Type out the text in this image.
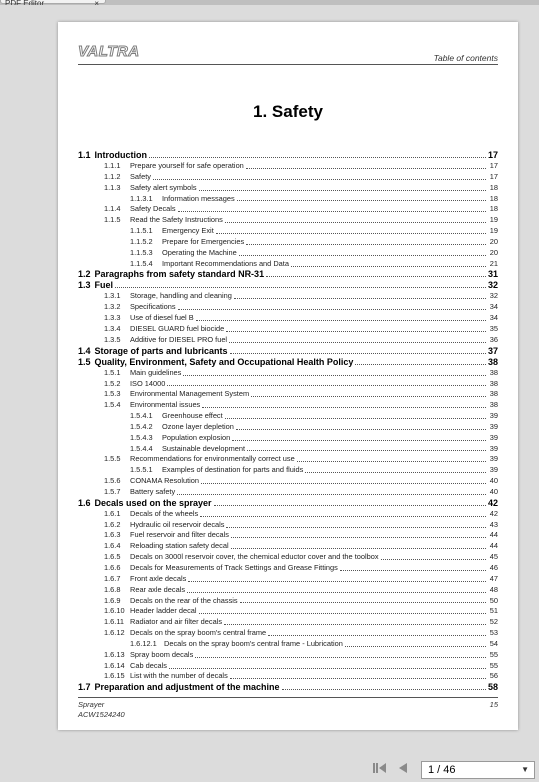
PDF Editor	×
VALTRA	Table of contents
1. Safety
1.1 Introduction	17
1.1.1	Prepare yourself for safe operation	17
1.1.2	Safety	17
1.1.3	Safety alert symbols	18
1.1.3.1	Information messages	18
1.1.4	Safety Decals	18
1.1.5	Read the Safety Instructions	19
1.1.5.1	Emergency Exit	19
1.1.5.2	Prepare for Emergencies	20
1.1.5.3	Operating the Machine	20
1.1.5.4	Important Recommendations and Data	21
1.2 Paragraphs from safety standard NR-31	31
1.3 Fuel	32
1.3.1	Storage, handling and cleaning	32
1.3.2	Specifications	34
1.3.3	Use of diesel fuel B	34
1.3.4	DIESEL GUARD fuel biocide	35
1.3.5	Additive for DIESEL PRO fuel	36
1.4 Storage of parts and lubricants	37
1.5 Quality, Environment, Safety and Occupational Health Policy	38
1.5.1	Main guidelines	38
1.5.2	ISO 14000	38
1.5.3	Environmental Management System	38
1.5.4	Environmental issues	38
1.5.4.1	Greenhouse effect	39
1.5.4.2	Ozone layer depletion	39
1.5.4.3	Population explosion	39
1.5.4.4	Sustainable development	39
1.5.5	Recommendations for environmentally correct use	39
1.5.5.1	Examples of destination for parts and fluids	39
1.5.6	CONAMA Resolution	40
1.5.7	Battery safety	40
1.6 Decals used on the sprayer	42
1.6.1	Decals of the wheels	42
1.6.2	Hydraulic oil reservoir decals	43
1.6.3	Fuel reservoir and filter decals	44
1.6.4	Reloading station safety decal	44
1.6.5	Decals on 3000l reservoir cover, the chemical eductor cover and the toolbox	45
1.6.6	Decals for Measurements of Track Settings and Grease Fittings	46
1.6.7	Front axle decals	47
1.6.8	Rear axle decals	48
1.6.9	Decals on the rear of the chassis	50
1.6.10 Header ladder decal	51
1.6.11 Radiator and air filter decals	52
1.6.12 Decals on the spray boom's central frame	53
1.6.12.1 Decals on the spray boom's central frame - Lubrication	54
1.6.13 Spray boom decals	55
1.6.14 Cab decals	55
1.6.15 List with the number of decals	56
1.7 Preparation and adjustment of the machine	58
Sprayer
ACW1524240
15
1 / 46	▼
